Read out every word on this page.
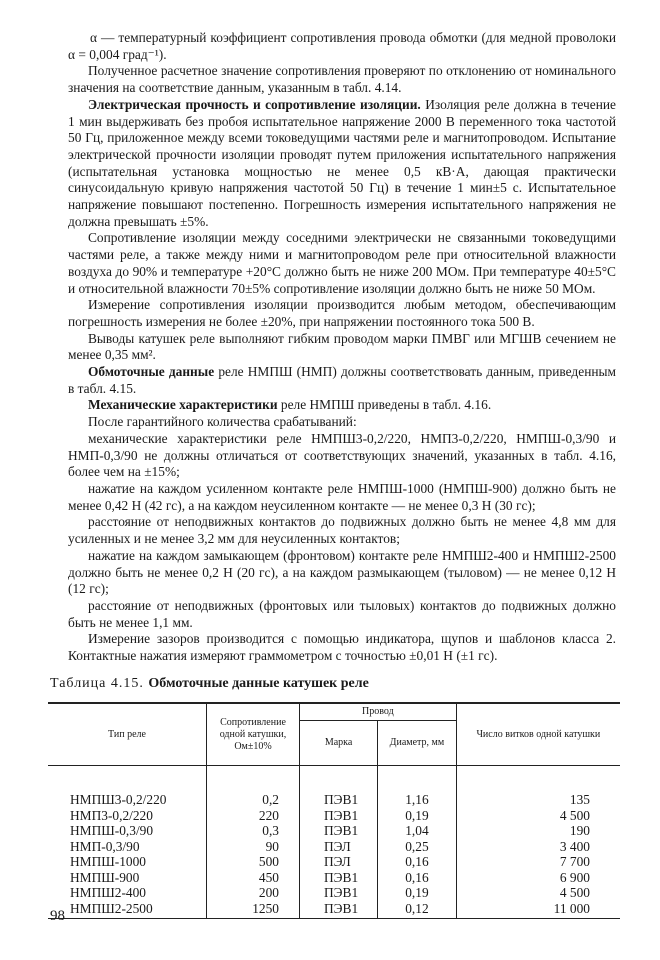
α — температурный коэффициент сопротивления провода обмотки (для медной проволоки α = 0,004 град⁻¹).

Полученное расчетное значение сопротивления проверяют по отклонению от номинального значения на соответствие данным, указанным в табл. 4.14.

Электрическая прочность и сопротивление изоляции. Изоляция реле должна в течение 1 мин выдерживать без пробоя испытательное напряжение 2000 В переменного тока частотой 50 Гц, приложенное между всеми токоведущими частями реле и магнитопроводом. Испытание электрической прочности изоляции проводят путем приложения испытательного напряжения (испытательная установка мощностью не менее 0,5 кВ·А, дающая практически синусоидальную кривую напряжения частотой 50 Гц) в течение 1 мин±5 с. Испытательное напряжение повышают постепенно. Погрешность измерения испытательного напряжения не должна превышать ±5%.

Сопротивление изоляции между соседними электрически не связанными токоведущими частями реле, а также между ними и магнитопроводом реле при относительной влажности воздуха до 90% и температуре +20°С должно быть не ниже 200 МОм. При температуре 40±5°С и относительной влажности 70±5% сопротивление изоляции должно быть не ниже 50 МОм.

Измерение сопротивления изоляции производится любым методом, обеспечивающим погрешность измерения не более ±20%, при напряжении постоянного тока 500 В.

Выводы катушек реле выполняют гибким проводом марки ПМВГ или МГШВ сечением не менее 0,35 мм².

Обмоточные данные реле НМПШ (НМП) должны соответствовать данным, приведенным в табл. 4.15.

Механические характеристики реле НМПШ приведены в табл. 4.16.

После гарантийного количества срабатываний:

механические характеристики реле НМПШ3-0,2/220, НМП3-0,2/220, НМПШ-0,3/90 и НМП-0,3/90 не должны отличаться от соответствующих значений, указанных в табл. 4.16, более чем на ±15%;

нажатие на каждом усиленном контакте реле НМПШ-1000 (НМПШ-900) должно быть не менее 0,42 Н (42 гс), а на каждом неусиленном контакте — не менее 0,3 Н (30 гс);

расстояние от неподвижных контактов до подвижных должно быть не менее 4,8 мм для усиленных и не менее 3,2 мм для неусиленных контактов;

нажатие на каждом замыкающем (фронтовом) контакте реле НМПШ2-400 и НМПШ2-2500 должно быть не менее 0,2 Н (20 гс), а на каждом размыкающем (тыловом) — не менее 0,12 Н (12 гс);

расстояние от неподвижных (фронтовых или тыловых) контактов до подвижных должно быть не менее 1,1 мм.

Измерение зазоров производится с помощью индикатора, щупов и шаблонов класса 2. Контактные нажатия измеряют граммометром с точностью ±0,01 Н (±1 гс).

Таблица 4.15. Обмоточные данные катушек реле
Тип реле	Сопротивление одной катушки, Ом±10%	Провод		Число витков одной катушки
		Марка	Диаметр, мм	
НМПШ3-0,2/220	0,2	ПЭВ1	1,16	135
НМП3-0,2/220	220	ПЭВ1	0,19	4 500
НМПШ-0,3/90	0,3	ПЭВ1	1,04	190
НМП-0,3/90	90	ПЭЛ	0,25	3 400
НМПШ-1000	500	ПЭЛ	0,16	7 700
НМПШ-900	450	ПЭВ1	0,16	6 900
НМПШ2-400	200	ПЭВ1	0,19	4 500
НМПШ2-2500	1250	ПЭВ1	0,12	11 000
98
